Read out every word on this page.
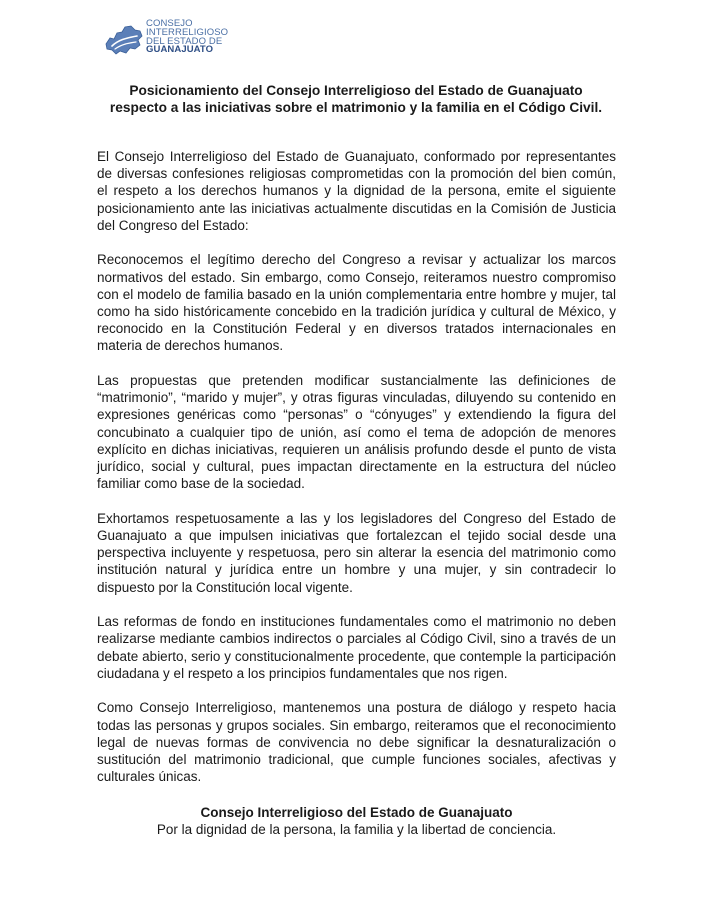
CONSEJO
INTERRELIGIOSO
DEL ESTADO DE
GUANAJUATO
Posicionamiento del Consejo Interreligioso del Estado de Guanajuato respecto a las iniciativas sobre el matrimonio y la familia en el Código Civil.

El Consejo Interreligioso del Estado de Guanajuato, conformado por representantes de diversas confesiones religiosas comprometidas con la promoción del bien común, el respeto a los derechos humanos y la dignidad de la persona, emite el siguiente posicionamiento ante las iniciativas actualmente discutidas en la Comisión de Justicia del Congreso del Estado:

Reconocemos el legítimo derecho del Congreso a revisar y actualizar los marcos normativos del estado. Sin embargo, como Consejo, reiteramos nuestro compromiso con el modelo de familia basado en la unión complementaria entre hombre y mujer, tal como ha sido históricamente concebido en la tradición jurídica y cultural de México, y reconocido en la Constitución Federal y en diversos tratados internacionales en materia de derechos humanos.

Las propuestas que pretenden modificar sustancialmente las definiciones de “matrimonio”, “marido y mujer”, y otras figuras vinculadas, diluyendo su contenido en expresiones genéricas como “personas” o “cónyuges” y extendiendo la figura del concubinato a cualquier tipo de unión, así como el tema de adopción de menores explícito en dichas iniciativas, requieren un análisis profundo desde el punto de vista jurídico, social y cultural, pues impactan directamente en la estructura del núcleo familiar como base de la sociedad.

Exhortamos respetuosamente a las y los legisladores del Congreso del Estado de Guanajuato a que impulsen iniciativas que fortalezcan el tejido social desde una perspectiva incluyente y respetuosa, pero sin alterar la esencia del matrimonio como institución natural y jurídica entre un hombre y una mujer, y sin contradecir lo dispuesto por la Constitución local vigente.

Las reformas de fondo en instituciones fundamentales como el matrimonio no deben realizarse mediante cambios indirectos o parciales al Código Civil, sino a través de un debate abierto, serio y constitucionalmente procedente, que contemple la participación ciudadana y el respeto a los principios fundamentales que nos rigen.

Como Consejo Interreligioso, mantenemos una postura de diálogo y respeto hacia todas las personas y grupos sociales. Sin embargo, reiteramos que el reconocimiento legal de nuevas formas de convivencia no debe significar la desnaturalización o sustitución del matrimonio tradicional, que cumple funciones sociales, afectivas y culturales únicas.

Consejo Interreligioso del Estado de Guanajuato
Por la dignidad de la persona, la familia y la libertad de conciencia.
